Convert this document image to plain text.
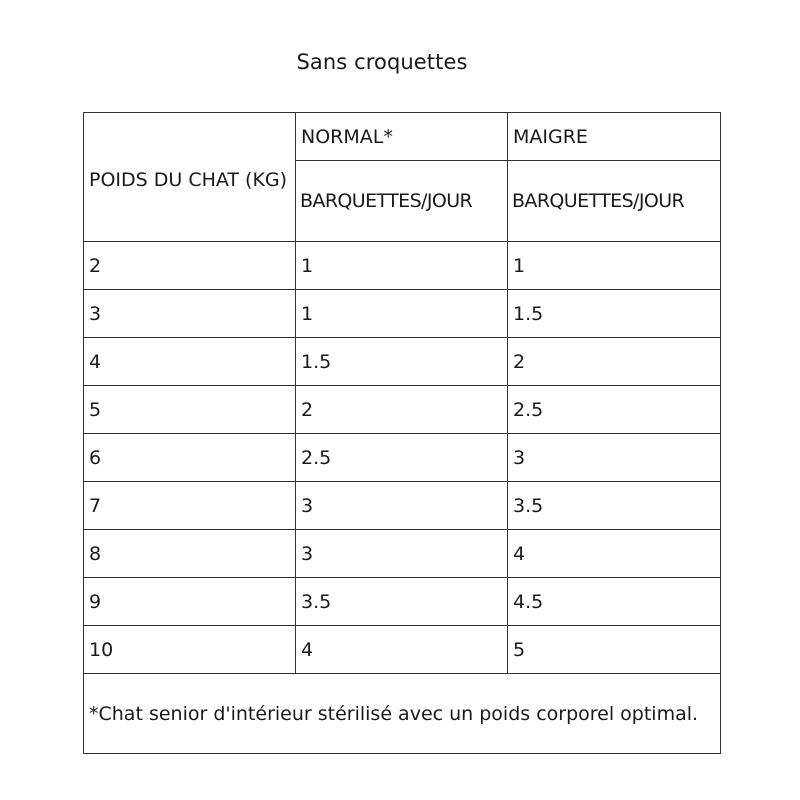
Sans croquettes
POIDS DU CHAT (KG)	NORMAL*	MAIGRE
	BARQUETTES/JOUR	BARQUETTES/JOUR
2	1	1
3	1	1.5
4	1.5	2
5	2	2.5
6	2.5	3
7	3	3.5
8	3	4
9	3.5	4.5
10	4	5
*Chat senior d'intérieur stérilisé avec un poids corporel optimal.		
